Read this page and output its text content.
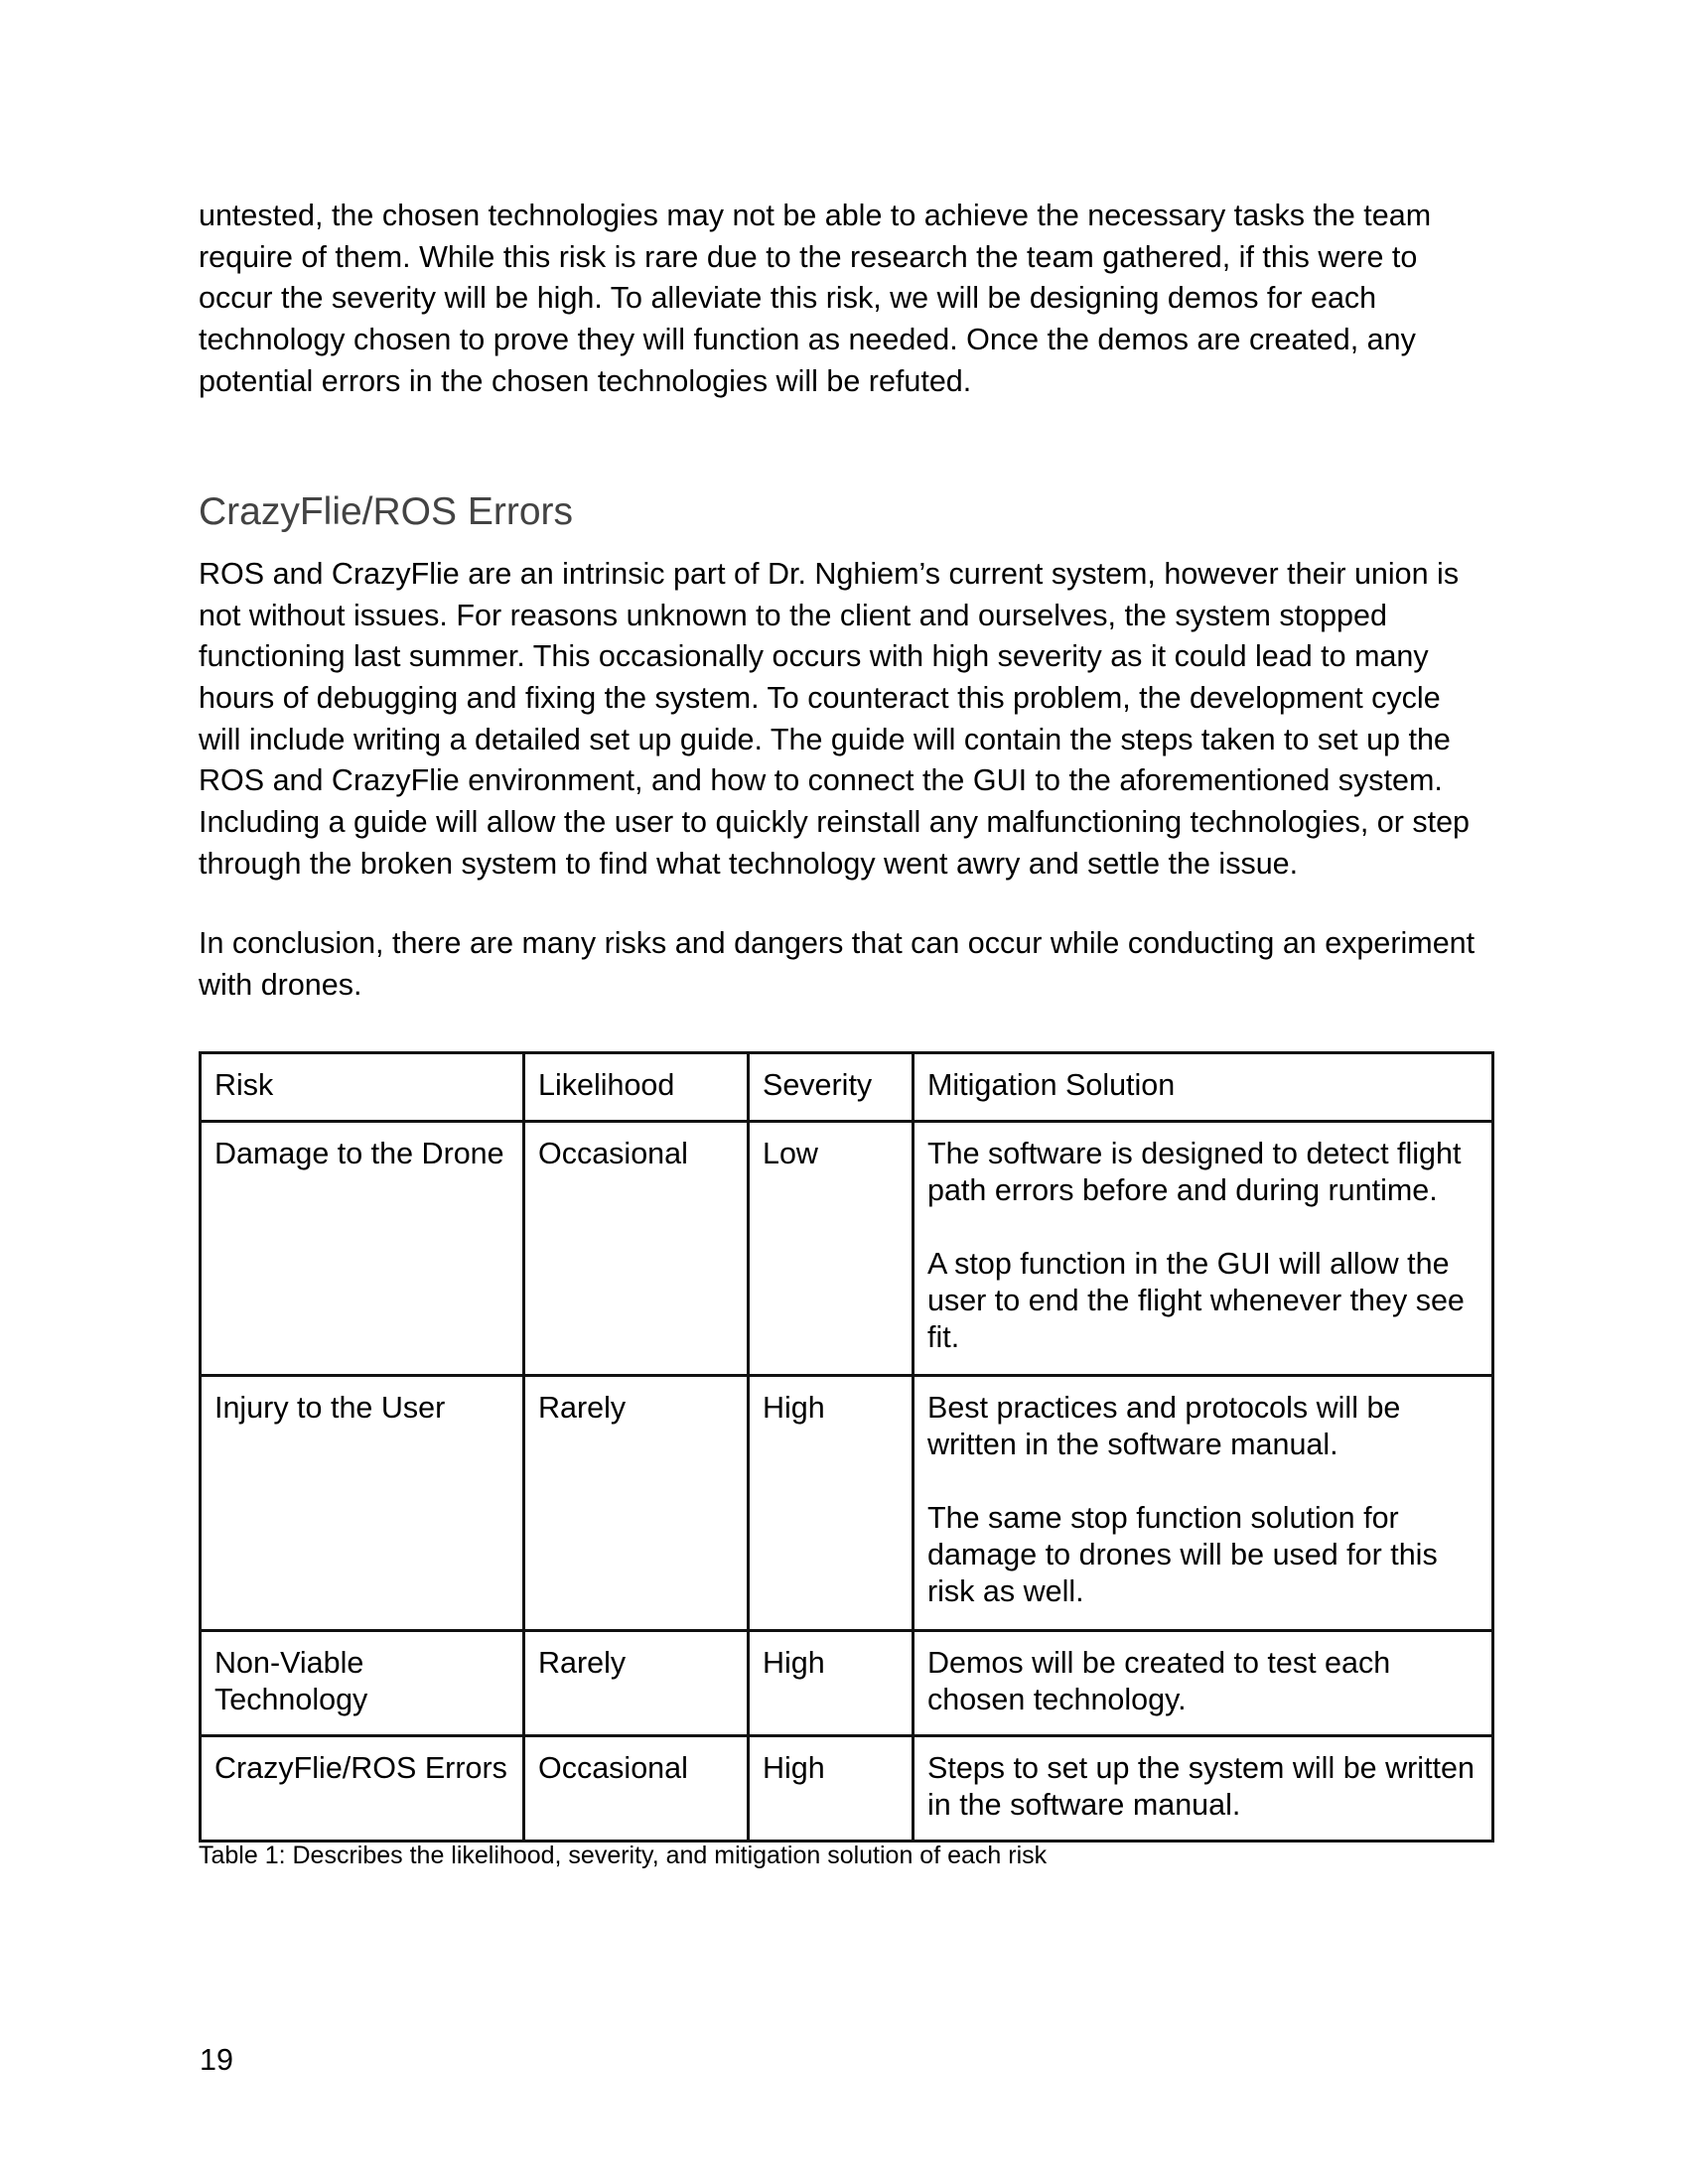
untested, the chosen technologies may not be able to achieve the necessary tasks the team
require of them. While this risk is rare due to the research the team gathered, if this were to
occur the severity will be high. To alleviate this risk, we will be designing demos for each
technology chosen to prove they will function as needed. Once the demos are created, any
potential errors in the chosen technologies will be refuted.
CrazyFlie/ROS Errors
ROS and CrazyFlie are an intrinsic part of Dr. Nghiem’s current system, however their union is
not without issues. For reasons unknown to the client and ourselves, the system stopped
functioning last summer. This occasionally occurs with high severity as it could lead to many
hours of debugging and fixing the system. To counteract this problem, the development cycle
will include writing a detailed set up guide. The guide will contain the steps taken to set up the
ROS and CrazyFlie environment, and how to connect the GUI to the aforementioned system.
Including a guide will allow the user to quickly reinstall any malfunctioning technologies, or step
through the broken system to find what technology went awry and settle the issue.
In conclusion, there are many risks and dangers that can occur while conducting an experiment
with drones.
Risk	Likelihood	Severity	Mitigation Solution

Damage to the Drone	Occasional	Low	The software is designed to detect flight
path errors before and during runtime.
A stop function in the GUI will allow the
user to end the flight whenever they see
fit.

Injury to the User	Rarely	High	Best practices and protocols will be
written in the software manual.
The same stop function solution for
damage to drones will be used for this
risk as well.

Non-Viable
Technology	Rarely	High	Demos will be created to test each
chosen technology.

CrazyFlie/ROS Errors	Occasional	High	Steps to set up the system will be written
in the software manual.
Table 1: Describes the likelihood, severity, and mitigation solution of each risk
19
